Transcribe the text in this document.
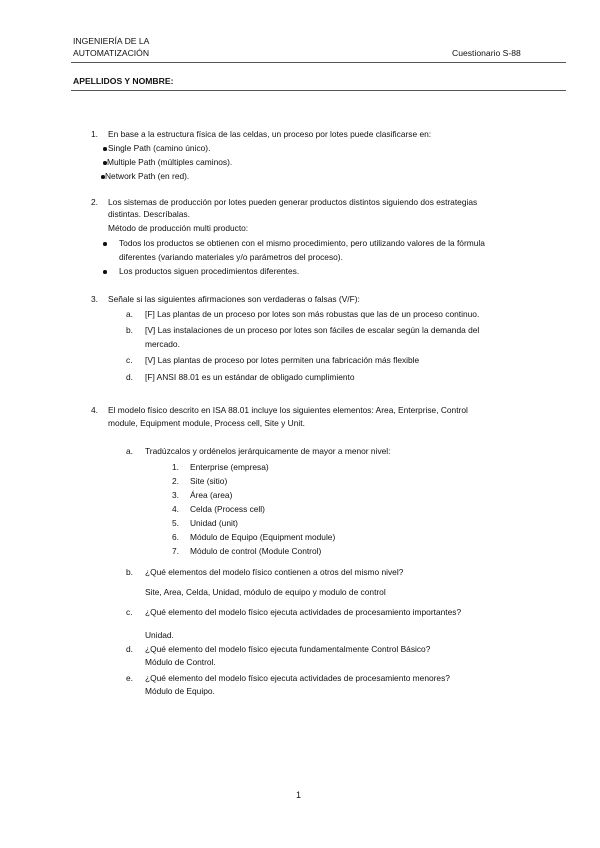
INGENIERÍA DE LA
AUTOMATIZACIÓN	Cuestionario S-88
APELLIDOS Y NOMBRE:
1. En base a la estructura física de las celdas, un proceso por lotes puede clasificarse en:
Single Path (camino único).
Multiple Path (múltiples caminos).
Network Path (en red).
2. Los sistemas de producción por lotes pueden generar productos distintos siguiendo dos estrategias
distintas. Descríbalas.
Método de producción multi producto:
Todos los productos se obtienen con el mismo procedimiento, pero utilizando valores de la fórmula
diferentes (variando materiales y/o parámetros del proceso).
Los productos siguen procedimientos diferentes.
3. Señale si las siguientes afirmaciones son verdaderas o falsas (V/F):
a. [F] Las plantas de un proceso por lotes son más robustas que las de un proceso continuo.
b. [V] Las instalaciones de un proceso por lotes son fáciles de escalar según la demanda del
mercado.
c. [V] Las plantas de proceso por lotes permiten una fabricación más flexible
d. [F] ANSI 88.01 es un estándar de obligado cumplimiento
4. El modelo físico descrito en ISA 88.01 incluye los siguientes elementos: Area, Enterprise, Control
module, Equipment module, Process cell, Site y Unit.
a. Tradúzcalos y ordénelos jerárquicamente de mayor a menor nivel:
1. Enterprise (empresa)
2. Site (sitio)
3. Área (area)
4. Celda (Process cell)
5. Unidad (unit)
6. Módulo de Equipo (Equipment module)
7. Módulo de control (Module Control)
b. ¿Qué elementos del modelo físico contienen a otros del mismo nivel?
Site, Area, Celda, Unidad, módulo de equipo y modulo de control
c. ¿Qué elemento del modelo físico ejecuta actividades de procesamiento importantes?
Unidad.
d. ¿Qué elemento del modelo físico ejecuta fundamentalmente Control Básico?
Módulo de Control.
e. ¿Qué elemento del modelo físico ejecuta actividades de procesamiento menores?
Módulo de Equipo.
1
